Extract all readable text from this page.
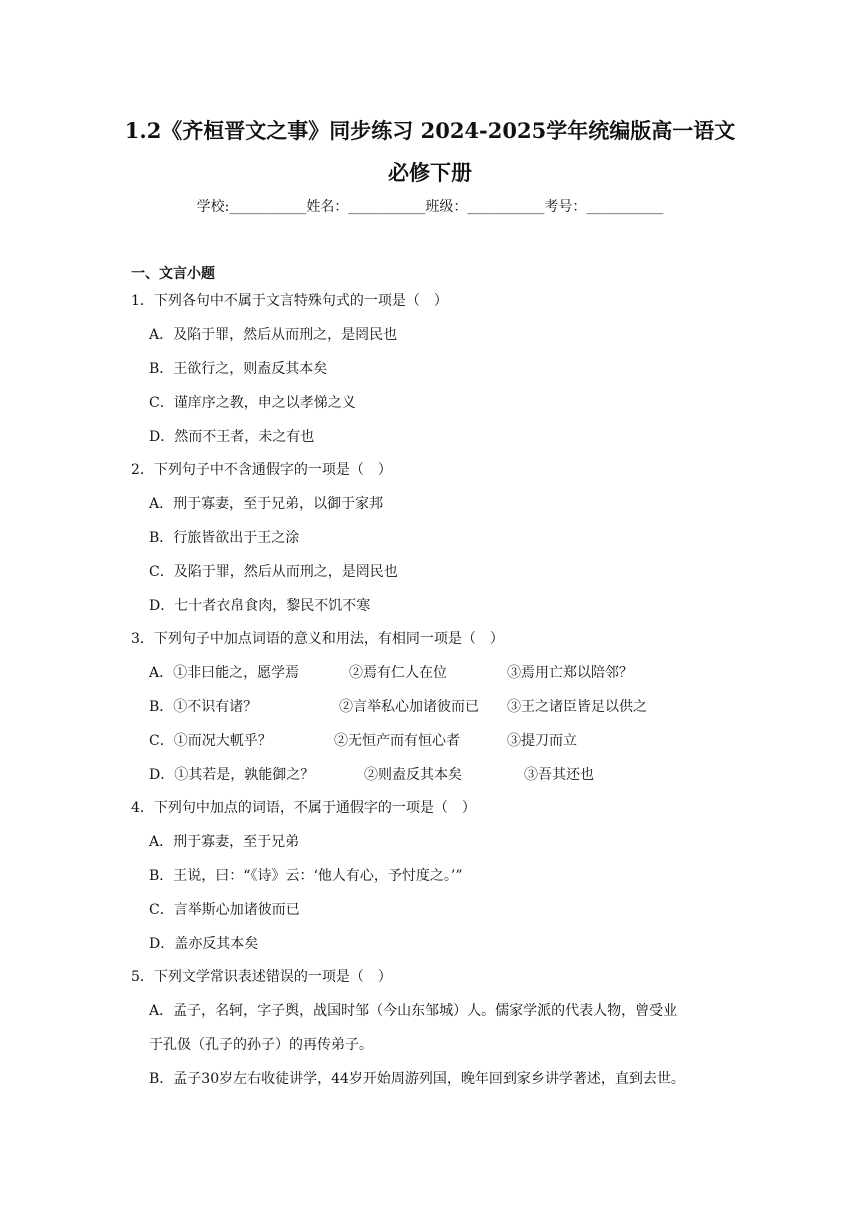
1.2《齐桓晋文之事》同步练习 2024-2025学年统编版高一语文
必修下册
学校:___________姓名：___________班级：___________考号：___________
一、文言小题
1．下列各句中不属于文言特殊句式的一项是（　）
A．及陷于罪，然后从而刑之，是罔民也
B．王欲行之，则盍反其本矣
C．谨庠序之教，申之以孝悌之义
D．然而不王者，未之有也
2．下列句子中不含通假字的一项是（　）
A．刑于寡妻，至于兄弟，以御于家邦
B．行旅皆欲出于王之涂
C．及陷于罪，然后从而刑之，是罔民也
D．七十者衣帛食肉，黎民不饥不寒
3．下列句子中加点词语的意义和用法，有相同一项是（　）
A．①非曰能之，愿学焉	②焉有仁人在位	③焉用亡郑以陪邻？
B．①不识有诸？	②言举私心加诸彼而已 ③王之诸臣皆足以供之
C．①而况大軏乎？	②无恒产而有恒心者	③提刀而立
D．①其若是，孰能御之？	②则盍反其本矣	③吾其还也
4．下列句中加点的词语，不属于通假字的一项是（　）
A．刑于寡妻，至于兄弟
B．王说，曰：“《诗》云：‘他人有心，予忖度之。’”
C．言举斯心加诸彼而已
D．盖亦反其本矣
5．下列文学常识表述错误的一项是（　）
A．孟子，名轲，字子舆，战国时邹（今山东邹城）人。儒家学派的代表人物，曾受业
于孔伋（孔子的孙子）的再传弟子。
B．孟子30岁左右收徒讲学，44岁开始周游列国，晚年回到家乡讲学著述，直到去世。
